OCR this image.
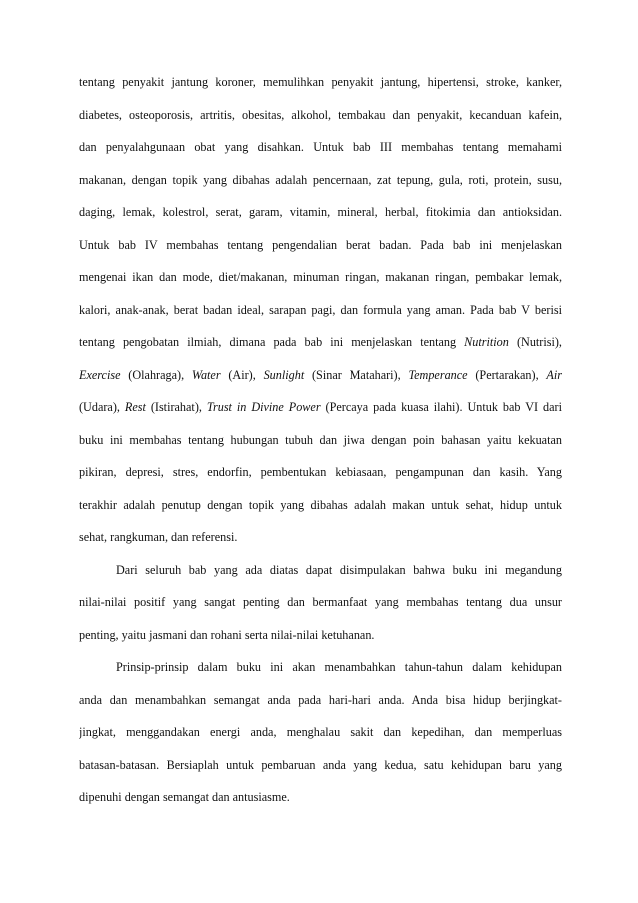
tentang penyakit jantung koroner, memulihkan penyakit jantung, hipertensi, stroke, kanker,
diabetes, osteoporosis, artritis, obesitas, alkohol, tembakau dan penyakit, kecanduan kafein,
dan penyalahgunaan obat yang disahkan. Untuk bab III membahas tentang memahami
makanan, dengan topik yang dibahas adalah pencernaan, zat tepung, gula, roti, protein, susu,
daging, lemak, kolestrol, serat, garam, vitamin, mineral, herbal, fitokimia dan antioksidan.
Untuk bab IV membahas tentang pengendalian berat badan. Pada bab ini menjelaskan
mengenai ikan dan mode, diet/makanan, minuman ringan, makanan ringan, pembakar lemak,
kalori, anak-anak, berat badan ideal, sarapan pagi, dan formula yang aman. Pada bab V berisi
tentang pengobatan ilmiah, dimana pada bab ini menjelaskan tentang Nutrition (Nutrisi),
Exercise (Olahraga), Water (Air), Sunlight (Sinar Matahari), Temperance (Pertarakan), Air
(Udara), Rest (Istirahat), Trust in Divine Power (Percaya pada kuasa ilahi). Untuk bab VI dari
buku ini membahas tentang hubungan tubuh dan jiwa dengan poin bahasan yaitu kekuatan
pikiran, depresi, stres, endorfin, pembentukan kebiasaan, pengampunan dan kasih. Yang
terakhir adalah penutup dengan topik yang dibahas adalah makan untuk sehat, hidup untuk
sehat, rangkuman, dan referensi.
Dari seluruh bab yang ada diatas dapat disimpulakan bahwa buku ini megandung
nilai-nilai positif yang sangat penting dan bermanfaat yang membahas tentang dua unsur
penting, yaitu jasmani dan rohani serta nilai-nilai ketuhanan.
Prinsip-prinsip dalam buku ini akan menambahkan tahun-tahun dalam kehidupan
anda dan menambahkan semangat anda pada hari-hari anda. Anda bisa hidup berjingkat-
jingkat, menggandakan energi anda, menghalau sakit dan kepedihan, dan memperluas
batasan-batasan. Bersiaplah untuk pembaruan anda yang kedua, satu kehidupan baru yang
dipenuhi dengan semangat dan antusiasme.
